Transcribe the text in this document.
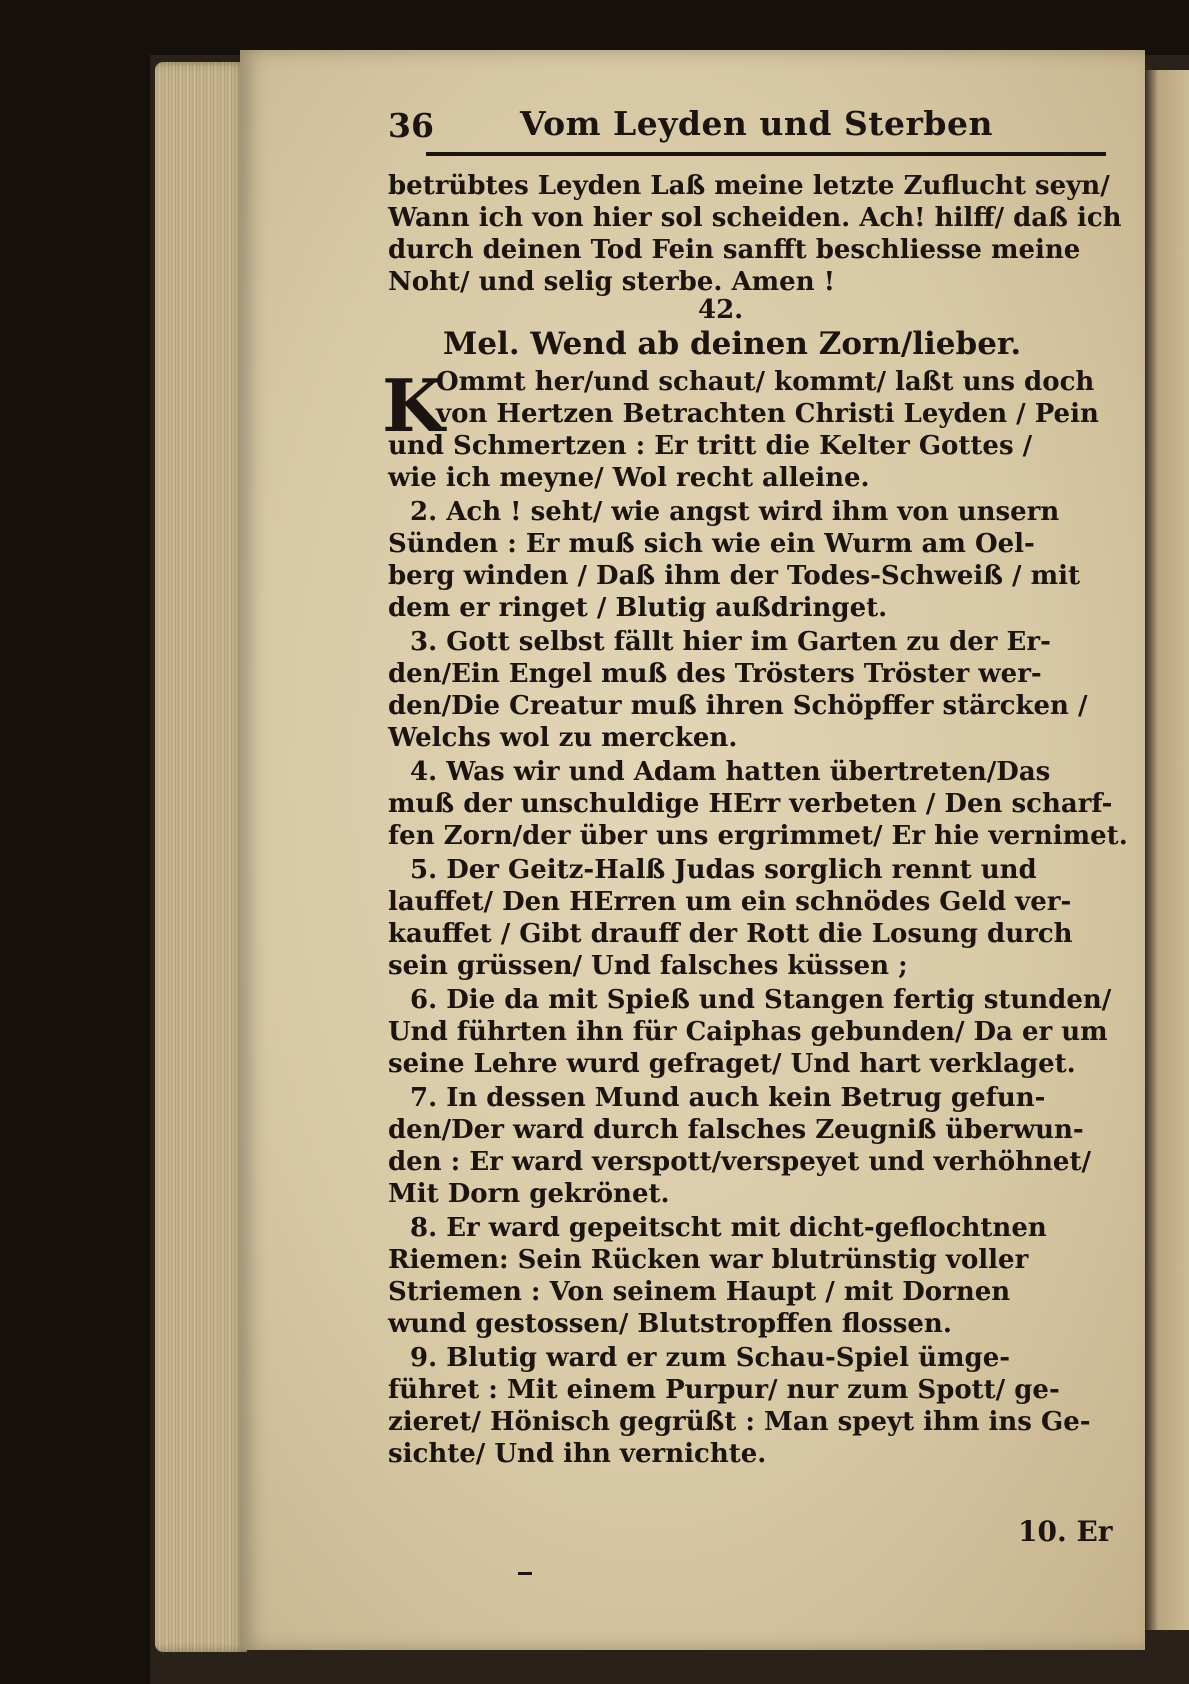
36	Vom Leyden und Sterben
betrübtes Leyden Laß meine letzte Zuflucht seyn/
Wann ich von hier sol scheiden. Ach! hilff/ daß ich
durch deinen Tod Fein sanfft beschliesse meine
Noht/ und selig sterbe. Amen !
42.
Mel. Wend ab deinen Zorn/lieber.
K
Ommt her/und schaut/ kommt/ laßt uns doch
von Hertzen Betrachten Christi Leyden / Pein
und Schmertzen : Er tritt die Kelter Gottes /
wie ich meyne/ Wol recht alleine.
2. Ach ! seht/ wie angst wird ihm von unsern
Sünden : Er muß sich wie ein Wurm am Oel-
berg winden / Daß ihm der Todes-Schweiß / mit
dem er ringet / Blutig außdringet.
3. Gott selbst fällt hier im Garten zu der Er-
den/Ein Engel muß des Trösters Tröster wer-
den/Die Creatur muß ihren Schöpffer stärcken /
Welchs wol zu mercken.
4. Was wir und Adam hatten übertreten/Das
muß der unschuldige HErr verbeten / Den scharf-
fen Zorn/der über uns ergrimmet/ Er hie vernimet.
5. Der Geitz-Halß Judas sorglich rennt und
lauffet/ Den HErren um ein schnödes Geld ver-
kauffet / Gibt drauff der Rott die Losung durch
sein grüssen/ Und falsches küssen ;
6. Die da mit Spieß und Stangen fertig stunden/
Und führten ihn für Caiphas gebunden/ Da er um
seine Lehre wurd gefraget/ Und hart verklaget.
7. In dessen Mund auch kein Betrug gefun-
den/Der ward durch falsches Zeugniß überwun-
den : Er ward verspott/verspeyet und verhöhnet/
Mit Dorn gekrönet.
8. Er ward gepeitscht mit dicht-geflochtnen
Riemen: Sein Rücken war blutrünstig voller
Striemen : Von seinem Haupt / mit Dornen
wund gestossen/ Blutstropffen flossen.
9. Blutig ward er zum Schau-Spiel ümge-
führet : Mit einem Purpur/ nur zum Spott/ ge-
zieret/ Hönisch gegrüßt : Man speyt ihm ins Ge-
sichte/ Und ihn vernichte.
10. Er
